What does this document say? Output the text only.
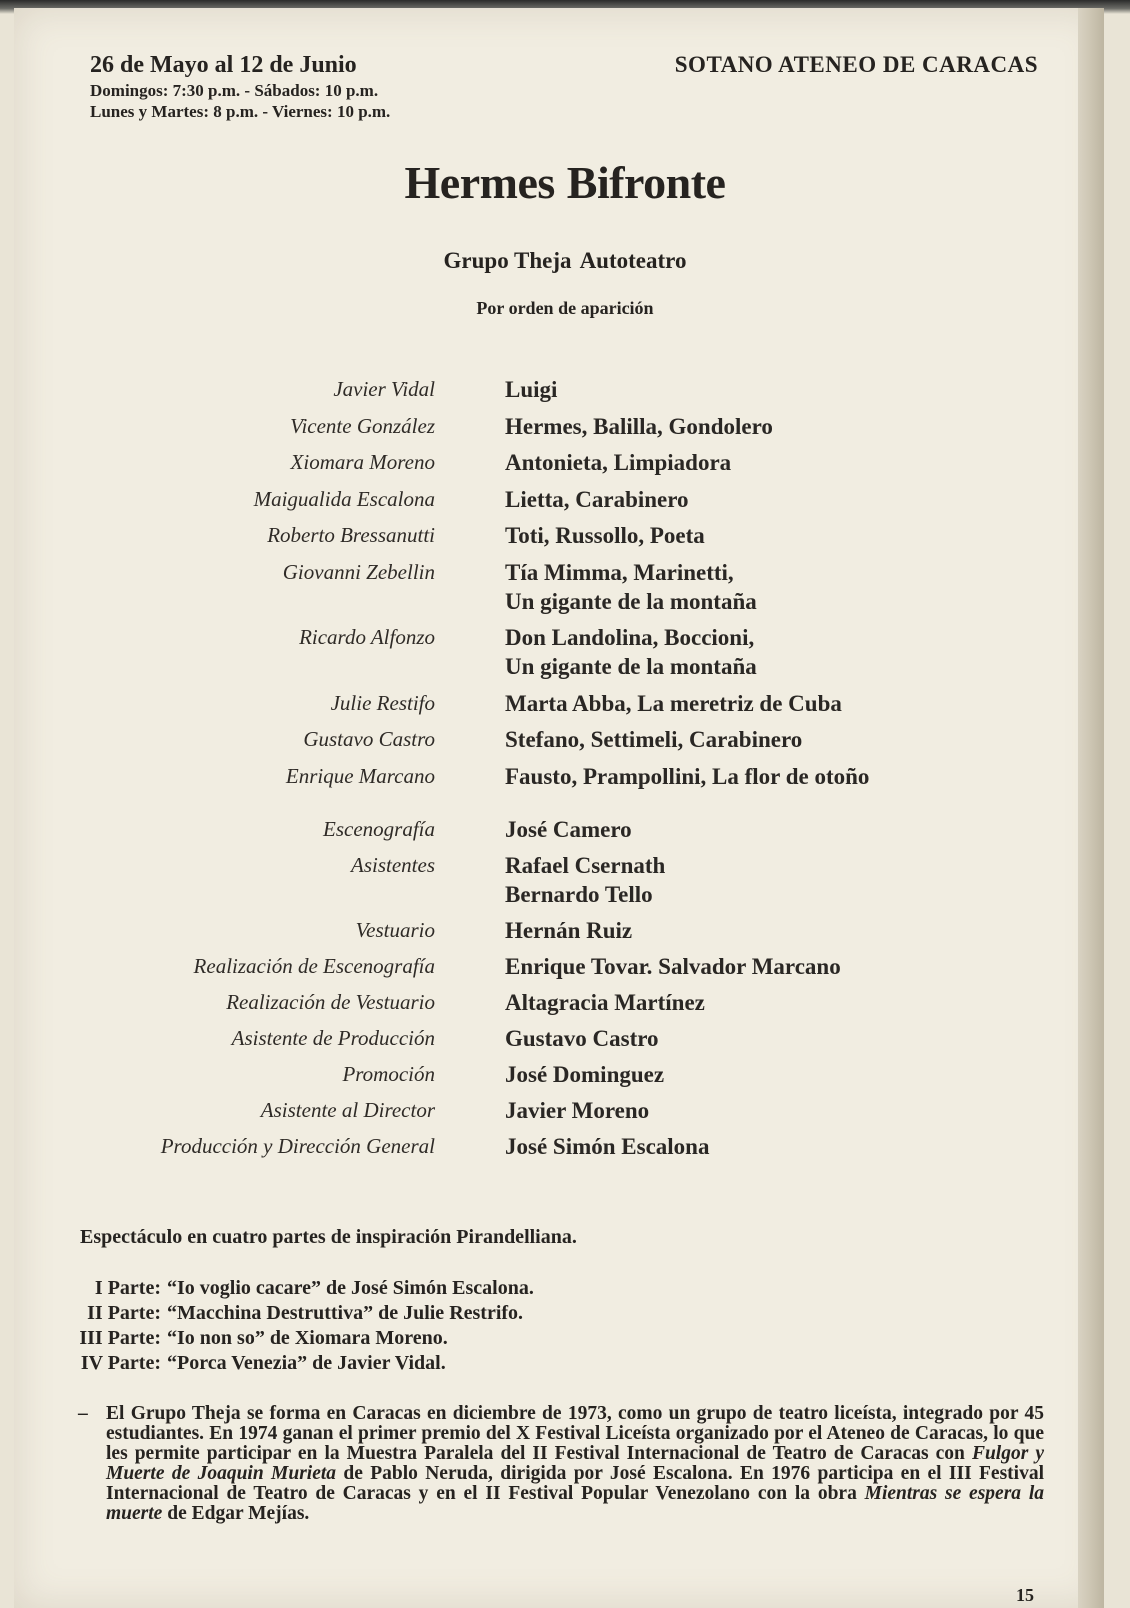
26 de Mayo al 12 de Junio
Domingos: 7:30 p.m. - Sábados: 10 p.m.
Lunes y Martes: 8 p.m. - Viernes: 10 p.m.
SOTANO ATENEO DE CARACAS
Hermes Bifronte
Grupo Theja Autoteatro
Por orden de aparición
Javier Vidal	Luigi
Vicente González	Hermes, Balilla, Gondolero
Xiomara Moreno	Antonieta, Limpiadora
Maigualida Escalona	Lietta, Carabinero
Roberto Bressanutti	Toti, Russollo, Poeta
Giovanni Zebellin	Tía Mimma, Marinetti,
Un gigante de la montaña
Ricardo Alfonzo	Don Landolina, Boccioni,
Un gigante de la montaña
Julie Restifo	Marta Abba, La meretriz de Cuba
Gustavo Castro	Stefano, Settimeli, Carabinero
Enrique Marcano	Fausto, Prampollini, La flor de otoño
Escenografía	José Camero
Asistentes	Rafael Csernath
Bernardo Tello
Vestuario	Hernán Ruiz
Realización de Escenografía	Enrique Tovar. Salvador Marcano
Realización de Vestuario	Altagracia Martínez
Asistente de Producción	Gustavo Castro
Promoción	José Dominguez
Asistente al Director	Javier Moreno
Producción y Dirección General	José Simón Escalona
Espectáculo en cuatro partes de inspiración Pirandelliana.
I Parte: “Io voglio cacare” de José Simón Escalona.
II Parte: “Macchina Destruttiva” de Julie Restrifo.
III Parte: “Io non so” de Xiomara Moreno.
IV Parte: “Porca Venezia” de Javier Vidal.
– El Grupo Theja se forma en Caracas en diciembre de 1973, como un grupo de teatro liceísta, integrado por 45 estudiantes. En 1974 ganan el primer premio del X Festival Liceísta organizado por el Ateneo de Caracas, lo que les permite participar en la Muestra Paralela del II Festival Internacional de Teatro de Caracas con Fulgor y Muerte de Joaquin Murieta de Pablo Neruda, dirigida por José Escalona. En 1976 participa en el III Festival Internacional de Teatro de Caracas y en el II Festival Popular Venezolano con la obra Mientras se espera la muerte de Edgar Mejías.
15
